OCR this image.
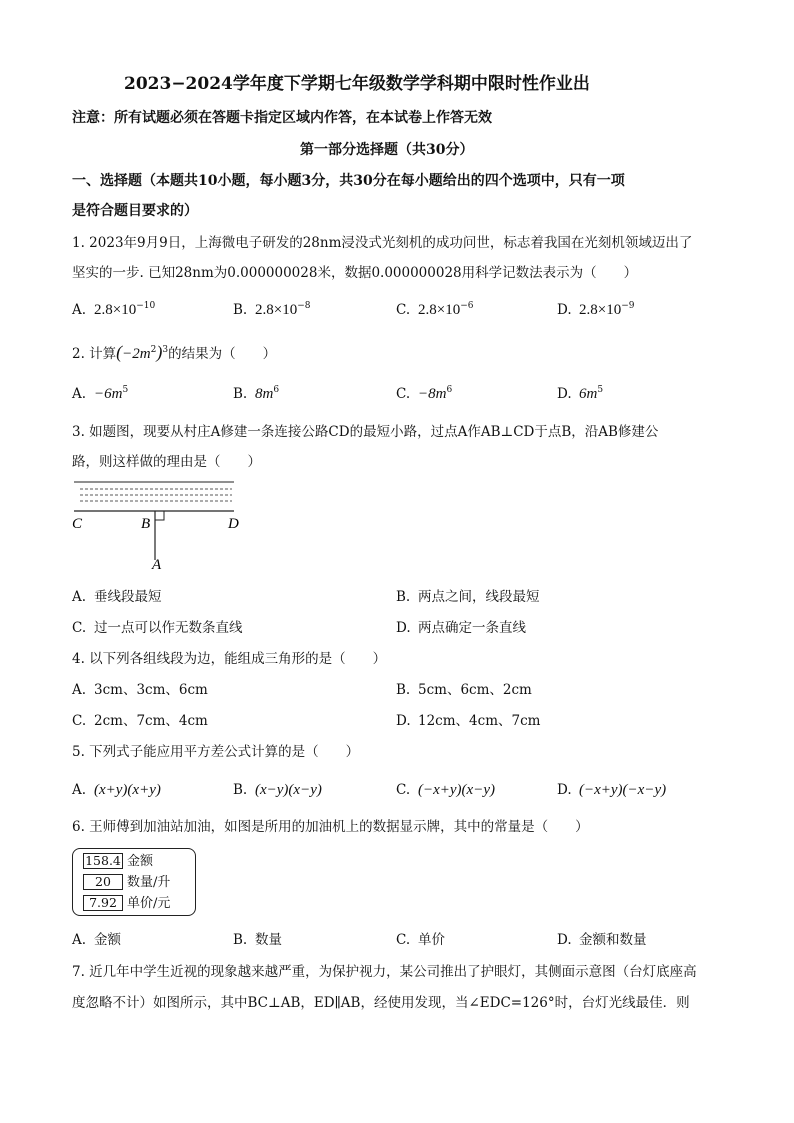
2023−2024学年度下学期七年级数学学科期中限时性作业出
注意：所有试题必须在答题卡指定区域内作答，在本试卷上作答无效
第一部分选择题（共30分）
一、选择题（本题共10小题，每小题3分，共30分在每小题给出的四个选项中，只有一项
是符合题目要求的）
1. 2023年9月9日，上海微电子研发的28nm浸没式光刻机的成功问世，标志着我国在光刻机领域迈出了
坚实的一步. 已知28nm为0.000000028米，数据0.000000028用科学记数法表示为（　　）
A. $2.8\times 10^{-10}$	B. $2.8\times 10^{-8}$	C. $2.8\times 10^{-6}$	D. $2.8\times 10^{-9}$
2. 计算$(-2m^2)^3$的结果为（　　）
A. $-6m^5$	B. $8m^6$	C. $-8m^6$	D. $6m^5$
3. 如题图，现要从村庄A修建一条连接公路CD的最短小路，过点A作AB⊥CD于点B，沿AB修建公
路，则这样做的理由是（　　）
C	B	D
A
A. 垂线段最短	B. 两点之间，线段最短
C. 过一点可以作无数条直线	D. 两点确定一条直线
4. 以下列各组线段为边，能组成三角形的是（　　）
A. 3cm、3cm、6cm	B. 5cm、6cm、2cm
C. 2cm、7cm、4cm	D. 12cm、4cm、7cm
5. 下列式子能应用平方差公式计算的是（　　）
A. (x+y)(x+y)	B. (x−y)(x−y)	C. (−x+y)(x−y)	D. (−x+y)(−x−y)
6. 王师傅到加油站加油，如图是所用的加油机上的数据显示牌，其中的常量是（　　）
158.4 金额
20 数量/升
7.92 单价/元
A. 金额	B. 数量	C. 单价	D. 金额和数量
7. 近几年中学生近视的现象越来越严重，为保护视力，某公司推出了护眼灯，其侧面示意图（台灯底座高
度忽略不计）如图所示，其中BC⊥AB，ED∥AB，经使用发现，当∠EDC=126°时，台灯光线最佳．则
